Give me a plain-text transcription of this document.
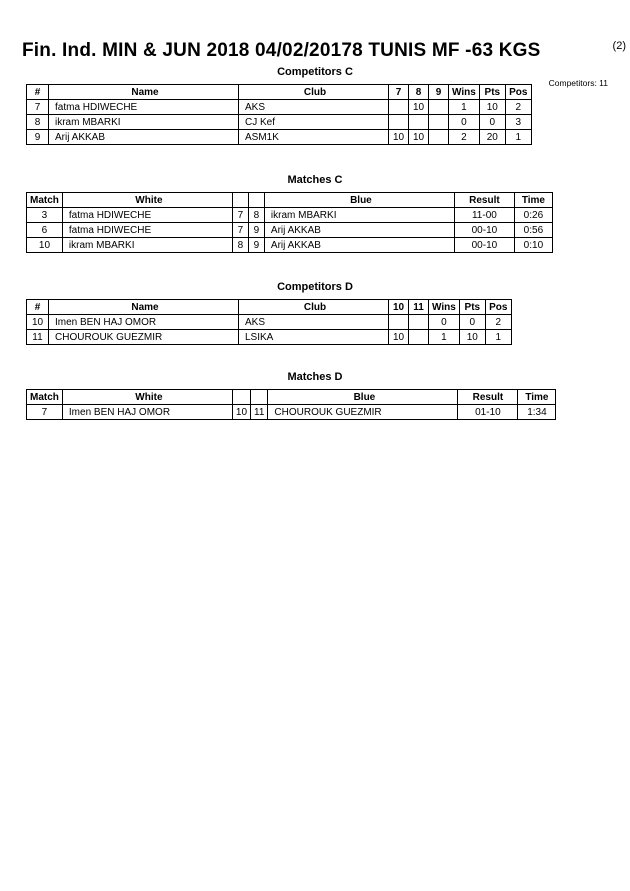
Fin. Ind. MIN & JUN 2018 04/02/20178 TUNIS MF -63 KGS	(2)
Competitors C
Competitors: 11
#	Name	Club	7	8	9	Wins	Pts	Pos
7	fatma HDIWECHE	AKS		10		1	10	2
8	ikram MBARKI	CJ Kef				0	0	3
9	Arij AKKAB	ASM1K	10	10		2	20	1
Matches C
Match	White			Blue	Result	Time
3	fatma HDIWECHE	7	8	ikram MBARKI	11-00	0:26
6	fatma HDIWECHE	7	9	Arij AKKAB	00-10	0:56
10	ikram MBARKI	8	9	Arij AKKAB	00-10	0:10
Competitors D
#	Name	Club	10	11	Wins	Pts	Pos
10	Imen BEN HAJ OMOR	AKS			0	0	2
11	CHOUROUK GUEZMIR	LSIKA	10		1	10	1
Matches D
Match	White			Blue	Result	Time
7	Imen BEN HAJ OMOR	10	11	CHOUROUK GUEZMIR	01-10	1:34
